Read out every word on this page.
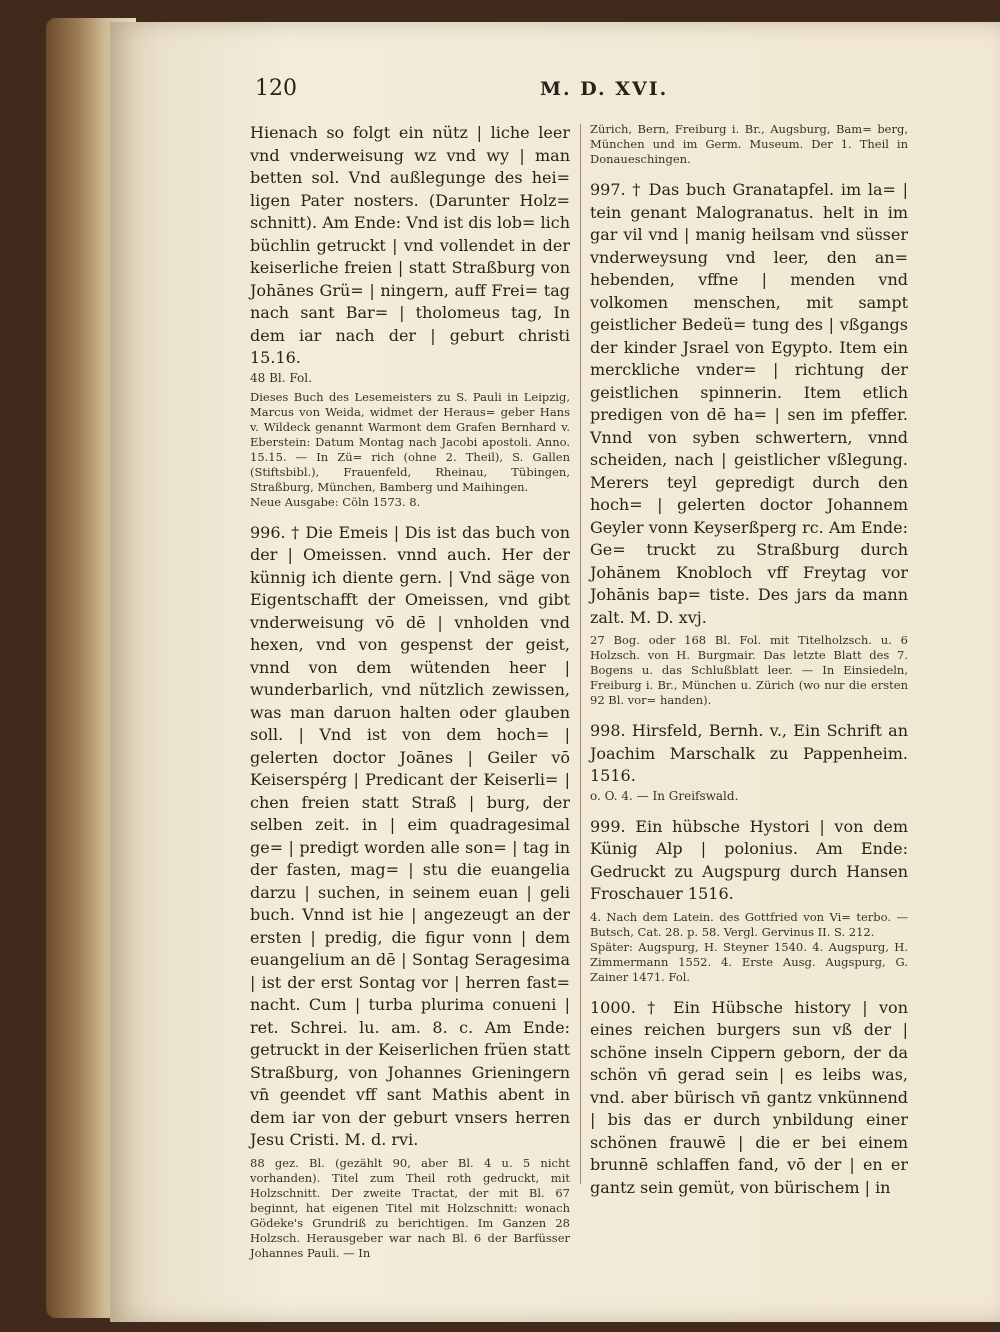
120	M. D. XVI.

Hienach so folgt ein nütz | liche leer vnd vnderweisung wz vnd wy | man betten sol. Vnd außlegunge des hei= ligen Pater nosters. (Darunter Holz= schnitt). Am Ende: Vnd ist dis lob= lich büchlin getruckt | vnd vollendet in der keiserliche freien | statt Straßburg von Johānes Grü= | ningern, auff Frei= tag nach sant Bar= | tholomeus tag, In dem iar nach der | geburt christi 15.16.

48 Bl. Fol.

Dieses Buch des Lesemeisters zu S. Pauli in Leipzig, Marcus von Weida, widmet der Heraus= geber Hans v. Wildeck genannt Warmont dem Grafen Bernhard v. Eberstein: Datum Montag nach Jacobi apostoli. Anno. 15.15. — In Zü= rich (ohne 2. Theil), S. Gallen (Stiftsbibl.), Frauenfeld, Rheinau, Tübingen, Straßburg, München, Bamberg und Maihingen.

Neue Ausgabe: Cöln 1573. 8.

996. † Die Emeis | Dis ist das buch von der | Omeissen. vnnd auch. Her der künnig ich diente gern. | Vnd säge von Eigentschafft der Omeissen, vnd gibt vnderweisung vō dē | vnholden vnd hexen, vnd von gespenst der geist, vnnd von dem wütenden heer | wunderbarlich, vnd nützlich zewissen, was man daruon halten oder glauben soll. | Vnd ist von dem hoch= | gelerten doctor Joānes | Geiler vō Keiserspérg | Predicant der Keiserli= | chen freien statt Straß | burg, der selben zeit. in | eim quadragesimal ge= | predigt worden alle son= | tag in der fasten, mag= | stu die euangelia darzu | suchen, in seinem euan | geli buch. Vnnd ist hie | angezeugt an der ersten | predig, die figur vonn | dem euangelium an dē | Sontag Seragesima | ist der erst Sontag vor | herren fast= nacht. Cum | turba plurima conueni | ret. Schrei. lu. am. 8. c. Am Ende: getruckt in der Keiserlichen früen statt Straßburg, von Johannes Grieningern vn̄ geendet vff sant Mathis abent in dem iar von der geburt vnsers herren Jesu Cristi. M. d. rvi.

88 gez. Bl. (gezählt 90, aber Bl. 4 u. 5 nicht vorhanden). Titel zum Theil roth gedruckt, mit Holzschnitt. Der zweite Tractat, der mit Bl. 67 beginnt, hat eigenen Titel mit Holzschnitt: wonach Gödeke's Grundriß zu berichtigen. Im Ganzen 28 Holzsch. Herausgeber war nach Bl. 6 der Barfüsser Johannes Pauli. — In

Zürich, Bern, Freiburg i. Br., Augsburg, Bam= berg, München und im Germ. Museum. Der 1. Theil in Donaueschingen.

997. † Das buch Granatapfel. im la= | tein genant Malogranatus. helt in im gar vil vnd | manig heilsam vnd süsser vnderweysung vnd leer, den an= hebenden, vffne | menden vnd volkomen menschen, mit sampt geistlicher Bedeü= tung des | vßgangs der kinder Jsrael von Egypto. Item ein merckliche vnder= | richtung der geistlichen spinnerin. Item etlich predigen von dē ha= | sen im pfeffer. Vnnd von syben schwertern, vnnd scheiden, nach | geistlicher vßlegung. Merers teyl gepredigt durch den hoch= | gelerten doctor Johannem Geyler vonn Keyserßperg rc. Am Ende: Ge= truckt zu Straßburg durch Johānem Knobloch vff Freytag vor Johānis bap= tiste. Des jars da mann zalt. M. D. xvj.

27 Bog. oder 168 Bl. Fol. mit Titelholzsch. u. 6 Holzsch. von H. Burgmair. Das letzte Blatt des 7. Bogens u. das Schlußblatt leer. — In Einsiedeln, Freiburg i. Br., München u. Zürich (wo nur die ersten 92 Bl. vor= handen).

998. Hirsfeld, Bernh. v., Ein Schrift an Joachim Marschalk zu Pappenheim. 1516.

o. O. 4. — In Greifswald.

999. Ein hübsche Hystori | von dem Künig Alp | polonius. Am Ende: Gedruckt zu Augspurg durch Hansen Froschauer 1516.

4. Nach dem Latein. des Gottfried von Vi= terbo. — Butsch, Cat. 28. p. 58. Vergl. Gervinus II. S. 212.

Später: Augspurg, H. Steyner 1540. 4. Augspurg, H. Zimmermann 1552. 4. Erste Ausg. Augspurg, G. Zainer 1471. Fol.

1000. † Ein Hübsche history | von eines reichen burgers sun vß der | schöne inseln Cippern geborn, der da schön vn̄ gerad sein | es leibs was, vnd. aber bürisch vn̄ gantz vnkünnend | bis das er durch ynbildung einer schönen frauwē | die er bei einem brunnē schlaffen fand, vō der | en er gantz sein gemüt, von bürischem | in
